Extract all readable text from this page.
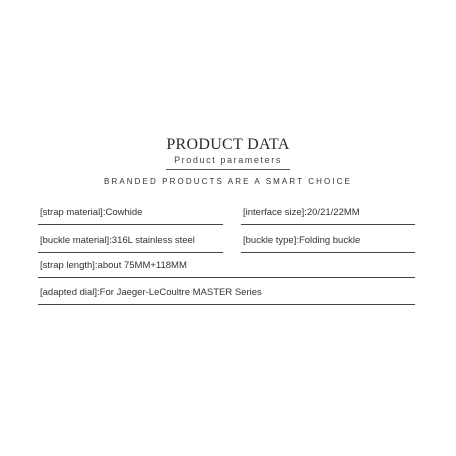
PRODUCT DATA
Product parameters
BRANDED PRODUCTS ARE A SMART CHOICE
[strap material]:Cowhide	[interface size]:20/21/22MM
[buckle material]:316L stainless steel	[buckle type]:Folding buckle
[strap length]:about 75MM+118MM
[adapted dial]:For Jaeger-LeCoultre MASTER Series
